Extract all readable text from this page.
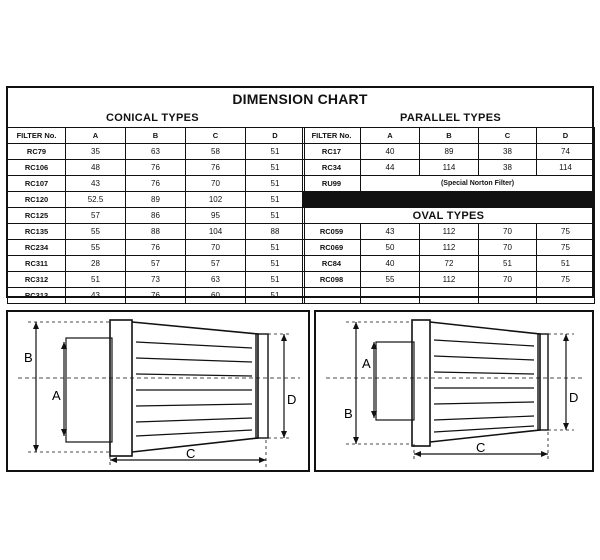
DIMENSION CHART
CONICAL TYPES	PARALLEL TYPES
FILTER No.	A	B	C	D
RC79	35	63	58	51
RC106	48	76	76	51
RC107	43	76	70	51
RC120	52.5	89	102	51
RC125	57	86	95	51
RC135	55	88	104	88
RC234	55	76	70	51
RC311	28	57	57	51
RC312	51	73	63	51
RC313	43	76	60	51
FILTER No.	A	B	C	D
RC17	40	89	38	74
RC34	44	114	38	114
RU99	(Special Norton Filter)			

OVAL TYPES				
RC059	43	112	70	75
RC069	50	112	70	75
RC84	40	72	51	51
RC098	55	112	70	75

B
A	D
C
B
A
D
C
